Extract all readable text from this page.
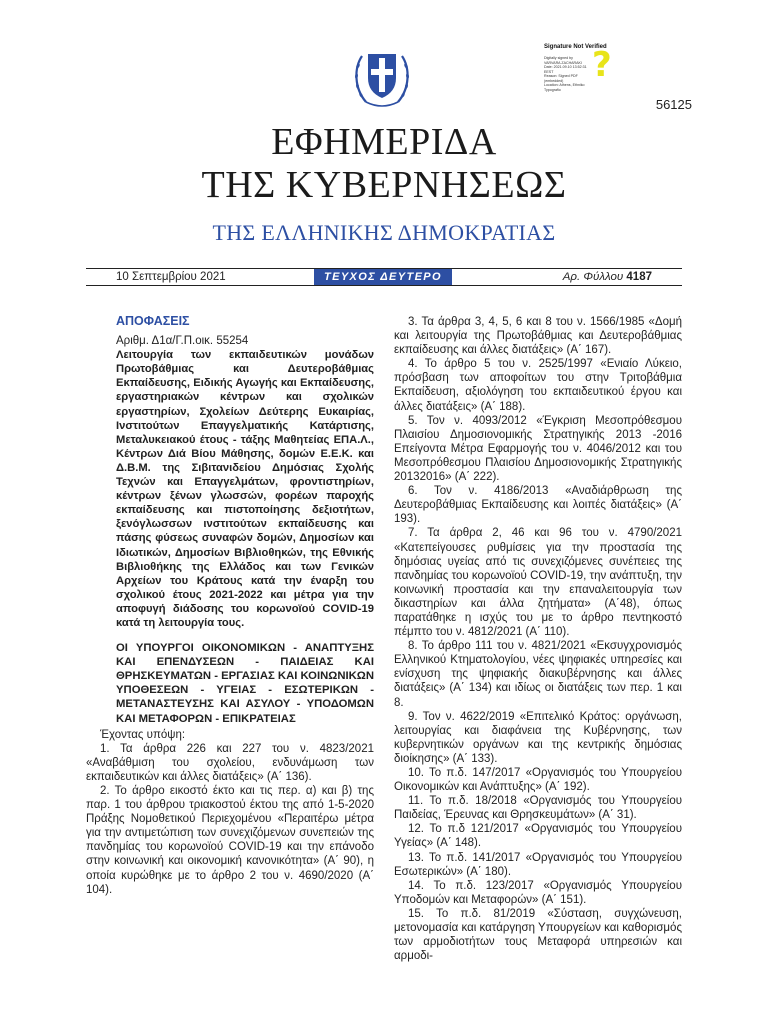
?
Signature Not Verified
Digitally signed by
VARVARA ZACHARAKI
Date: 2021.09.10 13:52:31
EEST
Reason: Signed PDF
(embedded)
Location: Athens, Ethniko
Typografio
56125
ΕΦΗΜΕΡΙΔΑ
ΤΗΣ ΚΥΒΕΡΝΗΣΕΩΣ
ΤΗΣ ΕΛΛΗΝΙΚΗΣ ΔΗΜΟΚΡΑΤΙΑΣ
10 Σεπτεμβρίου 2021	ΤΕΥΧΟΣ ΔΕΥΤΕΡΟ	Αρ. Φύλλου 4187

ΑΠΟΦΑΣΕΙΣ

Αριθμ. Δ1α/Γ.Π.οικ. 55254

Λειτουργία των εκπαιδευτικών μονάδων Πρωτοβάθμιας και Δευτεροβάθμιας Εκπαίδευσης, Ειδικής Αγωγής και Εκπαίδευσης, εργαστηριακών κέντρων και σχολικών εργαστηρίων, Σχολείων Δεύτερης Ευκαιρίας, Ινστιτούτων Επαγγελματικής Κατάρτισης, Μεταλυκειακού έτους - τάξης Μαθητείας ΕΠΑ.Λ., Κέντρων Διά Βίου Μάθησης, δομών Ε.Ε.Κ. και Δ.Β.Μ. της Σιβιτανιδείου Δημόσιας Σχολής Τεχνών και Επαγγελμάτων, φροντιστηρίων, κέντρων ξένων γλωσσών, φορέων παροχής εκπαίδευσης και πιστοποίησης δεξιοτήτων, ξενόγλωσσων ινστιτούτων εκπαίδευσης και πάσης φύσεως συναφών δομών, Δημοσίων και Ιδιωτικών, Δημοσίων Βιβλιοθηκών, της Εθνικής Βιβλιοθήκης της Ελλάδος και των Γενικών Αρχείων του Κράτους κατά την έναρξη του σχολικού έτους 2021-2022 και μέτρα για την αποφυγή διάδοσης του κορωνοϊού COVID-19 κατά τη λειτουργία τους.

ΟΙ ΥΠΟΥΡΓΟΙ ΟΙΚΟΝΟΜΙΚΩΝ - ΑΝΑΠΤΥΞΗΣ ΚΑΙ ΕΠΕΝΔΥΣΕΩΝ - ΠΑΙΔΕΙΑΣ ΚΑΙ ΘΡΗΣΚΕΥΜΑΤΩΝ - ΕΡΓΑΣΙΑΣ ΚΑΙ ΚΟΙΝΩΝΙΚΩΝ ΥΠΟΘΕΣΕΩΝ - ΥΓΕΙΑΣ - ΕΣΩΤΕΡΙΚΩΝ - ΜΕΤΑΝΑΣΤΕΥΣΗΣ ΚΑΙ ΑΣΥΛΟΥ - ΥΠΟΔΟΜΩΝ ΚΑΙ ΜΕΤΑΦΟΡΩΝ - ΕΠΙΚΡΑΤΕΙΑΣ

Έχοντας υπόψη:

1. Τα άρθρα 226 και 227 του ν. 4823/2021 «Αναβάθμιση του σχολείου, ενδυνάμωση των εκπαιδευτικών και άλλες διατάξεις» (Α΄ 136).

2. Το άρθρο εικοστό έκτο και τις περ. α) και β) της παρ. 1 του άρθρου τριακοστού έκτου της από 1-5-2020 Πράξης Νομοθετικού Περιεχομένου «Περαιτέρω μέτρα για την αντιμετώπιση των συνεχιζόμενων συνεπειών της πανδημίας του κορωνοϊού COVID-19 και την επάνοδο στην κοινωνική και οικονομική κανονικότητα» (Α΄ 90), η οποία κυρώθηκε με το άρθρο 2 του ν. 4690/2020 (Α΄ 104).

3. Τα άρθρα 3, 4, 5, 6 και 8 του ν. 1566/1985 «Δομή και λειτουργία της Πρωτοβάθμιας και Δευτεροβάθμιας εκπαίδευσης και άλλες διατάξεις» (Α΄ 167).

4. Το άρθρο 5 του ν. 2525/1997 «Ενιαίο Λύκειο, πρόσβαση των αποφοίτων του στην Τριτοβάθμια Εκπαίδευση, αξιολόγηση του εκπαιδευτικού έργου και άλλες διατάξεις» (Α΄ 188).

5. Τον ν. 4093/2012 «Έγκριση Μεσοπρόθεσμου Πλαισίου Δημοσιονομικής Στρατηγικής 2013 -2016 Επείγοντα Μέτρα Εφαρμογής του ν. 4046/2012 και του Μεσοπρόθεσμου Πλαισίου Δημοσιονομικής Στρατηγικής 20132016» (Α΄ 222).

6. Τον ν. 4186/2013 «Αναδιάρθρωση της Δευτεροβάθμιας Εκπαίδευσης και λοιπές διατάξεις» (Α΄ 193).

7. Τα άρθρα 2, 46 και 96 του ν. 4790/2021 «Κατεπείγουσες ρυθμίσεις για την προστασία της δημόσιας υγείας από τις συνεχιζόμενες συνέπειες της πανδημίας του κορωνοϊού COVID-19, την ανάπτυξη, την κοινωνική προστασία και την επαναλειτουργία των δικαστηρίων και άλλα ζητήματα» (Α΄48), όπως παρατάθηκε η ισχύς του με το άρθρο πεντηκοστό πέμπτο του ν. 4812/2021 (Α΄ 110).

8. Το άρθρο 111 του ν. 4821/2021 «Εκσυγχρονισμός Ελληνικού Κτηματολογίου, νέες ψηφιακές υπηρεσίες και ενίσχυση της ψηφιακής διακυβέρνησης και άλλες διατάξεις» (Α΄ 134) και ιδίως οι διατάξεις των περ. 1 και 8.

9. Τον ν. 4622/2019 «Επιτελικό Κράτος: οργάνωση, λειτουργίας και διαφάνεια της Κυβέρνησης, των κυβερνητικών οργάνων και της κεντρικής δημόσιας διοίκησης» (Α΄ 133).

10. Το π.δ. 147/2017 «Οργανισμός του Υπουργείου Οικονομικών και Ανάπτυξης» (Α΄ 192).

11. Το π.δ. 18/2018 «Οργανισμός του Υπουργείου Παιδείας, Έρευνας και Θρησκευμάτων» (Α΄ 31).

12. Το π.δ 121/2017 «Οργανισμός του Υπουργείου Υγείας» (Α΄ 148).

13. Το π.δ. 141/2017 «Οργανισμός του Υπουργείου Εσωτερικών» (Α΄ 180).

14. Το π.δ. 123/2017 «Οργανισμός Υπουργείου Υποδομών και Μεταφορών» (Α΄ 151).

15. Το π.δ. 81/2019 «Σύσταση, συγχώνευση, μετονομασία και κατάργηση Υπουργείων και καθορισμός των αρμοδιοτήτων τους Μεταφορά υπηρεσιών και αρμοδι-
